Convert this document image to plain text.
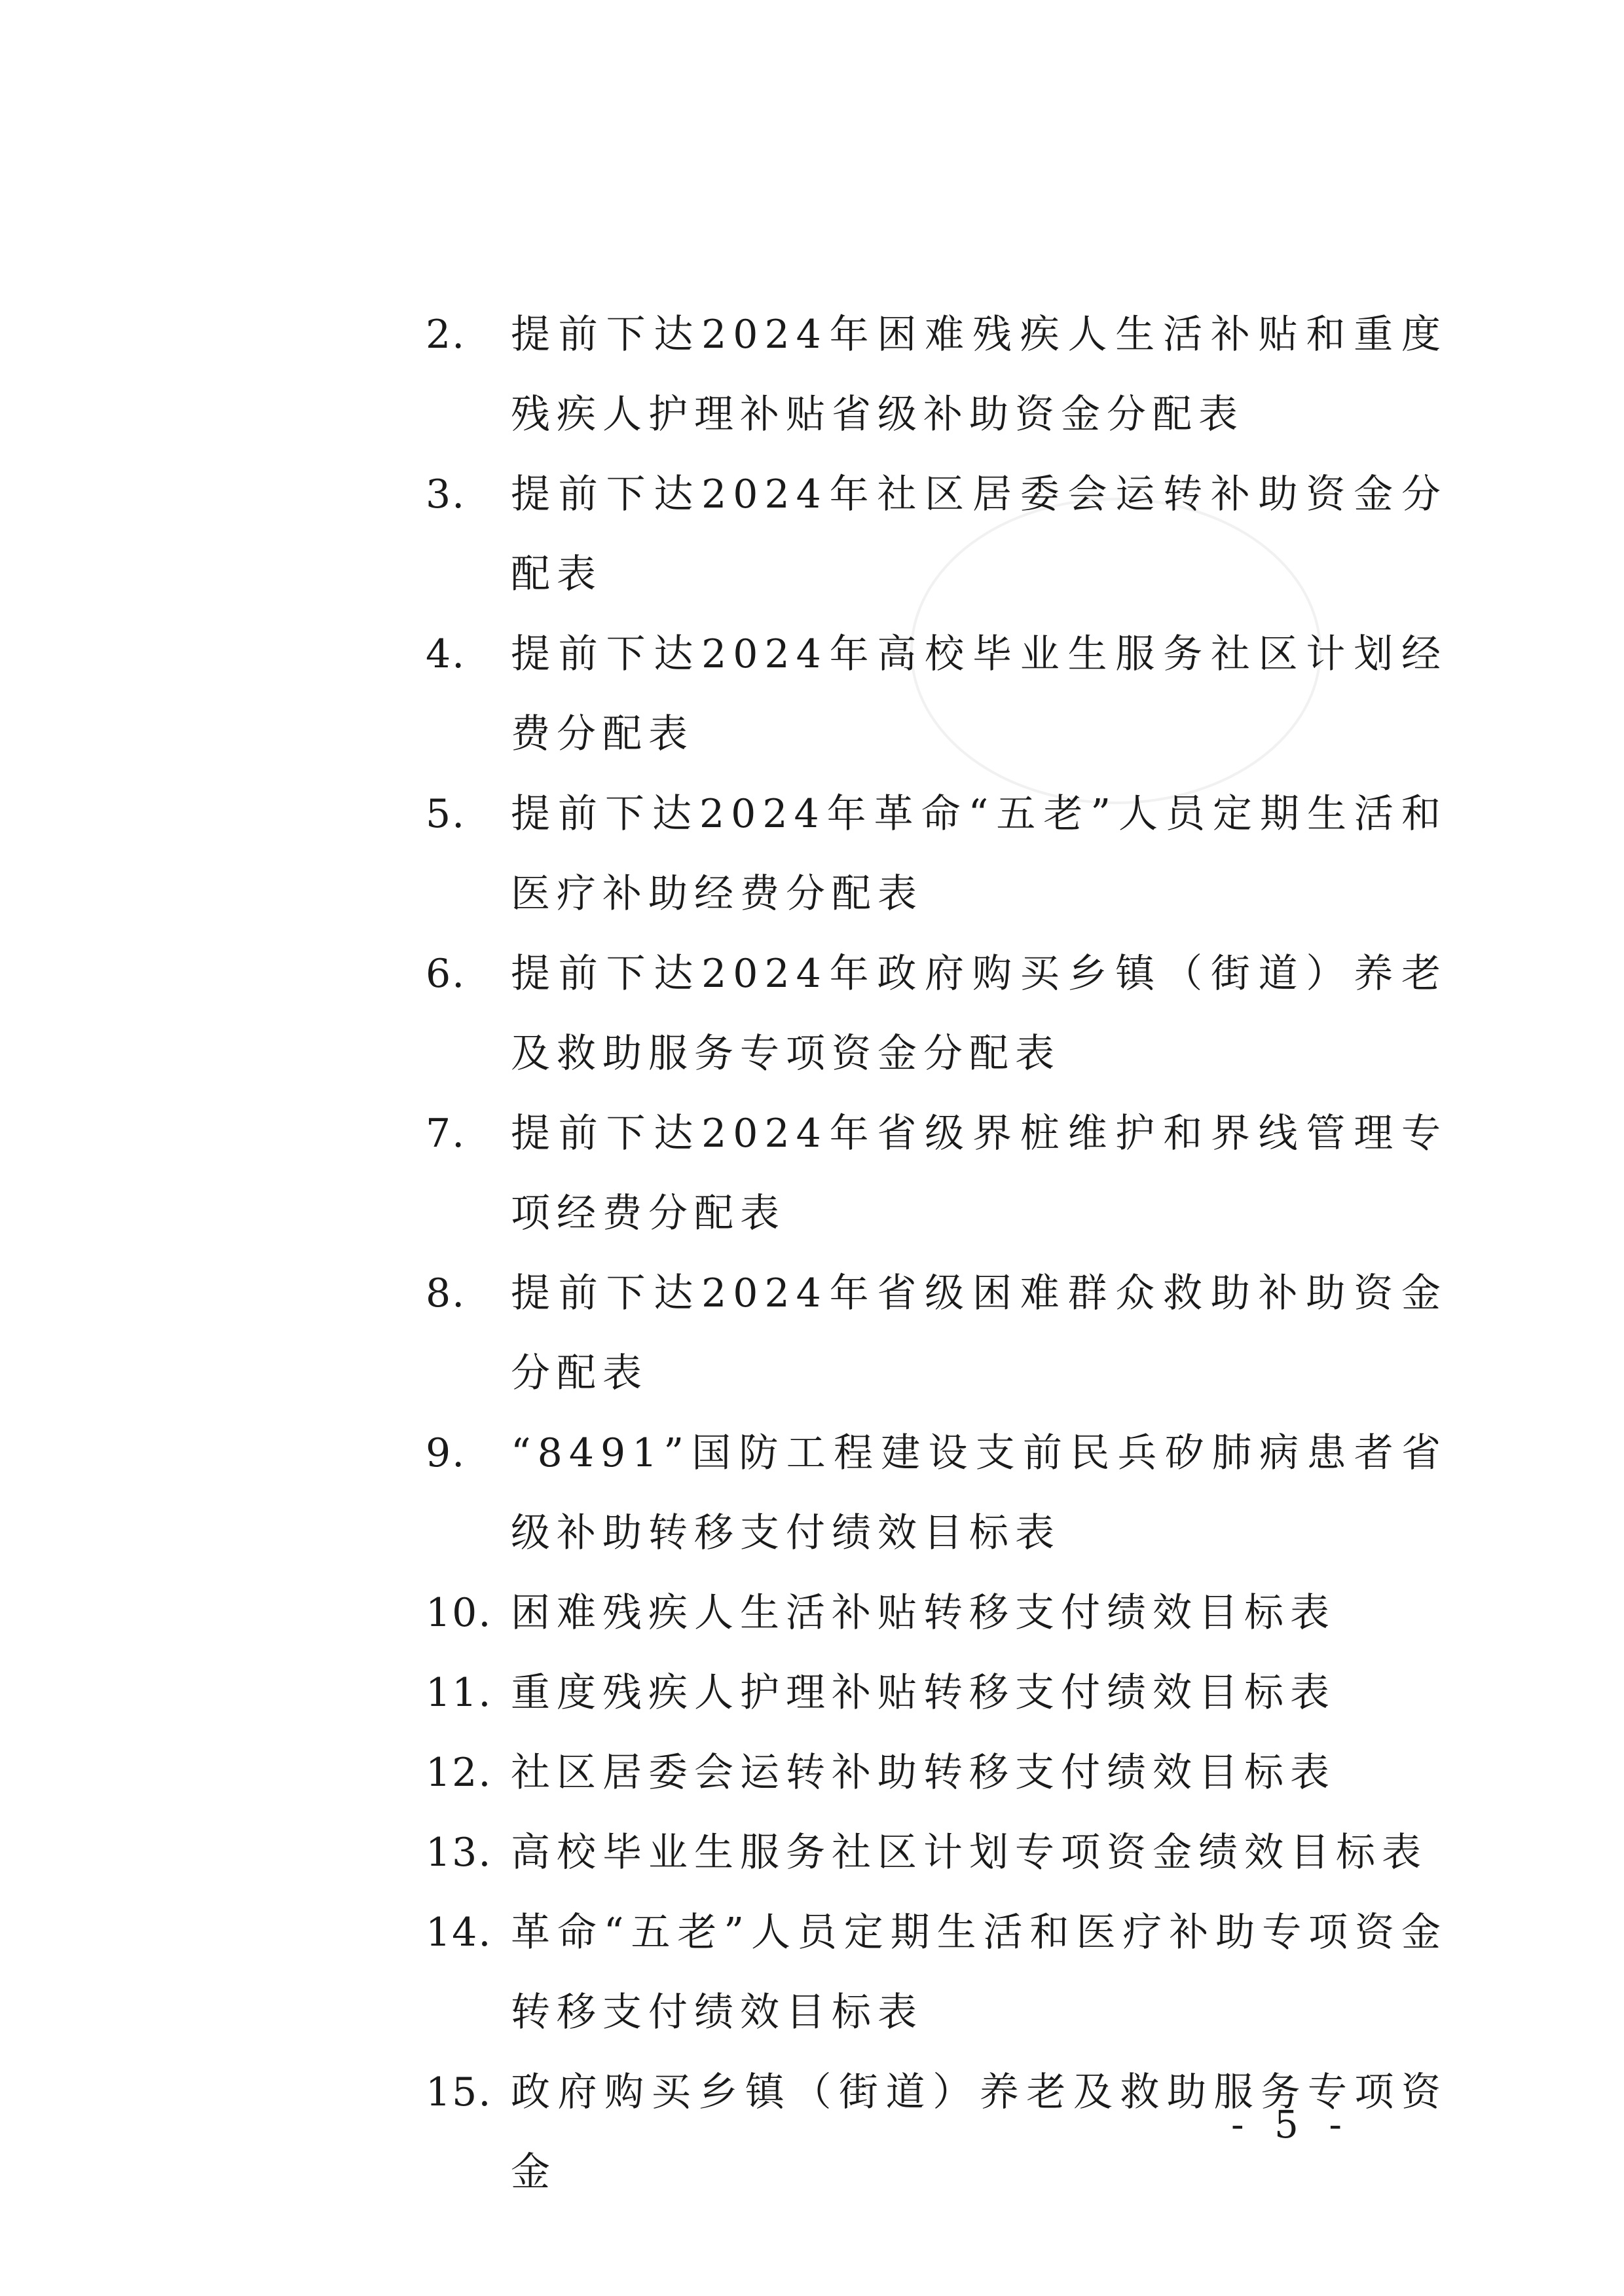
2.	提前下达2024年困难残疾人生活补贴和重度残疾人护理补贴省级补助资金分配表
3.	提前下达2024年社区居委会运转补助资金分配表
4.	提前下达2024年高校毕业生服务社区计划经费分配表
5.	提前下达2024年革命“五老”人员定期生活和医疗补助经费分配表
6.	提前下达2024年政府购买乡镇（街道）养老及救助服务专项资金分配表
7.	提前下达2024年省级界桩维护和界线管理专项经费分配表
8.	提前下达2024年省级困难群众救助补助资金分配表
9.	“8491”国防工程建设支前民兵矽肺病患者省级补助转移支付绩效目标表
10. 困难残疾人生活补贴转移支付绩效目标表
11. 重度残疾人护理补贴转移支付绩效目标表
12. 社区居委会运转补助转移支付绩效目标表
13. 高校毕业生服务社区计划专项资金绩效目标表
14. 革命“五老”人员定期生活和医疗补助专项资金转移支付绩效目标表
15. 政府购买乡镇（街道）养老及救助服务专项资金
- 5 -
